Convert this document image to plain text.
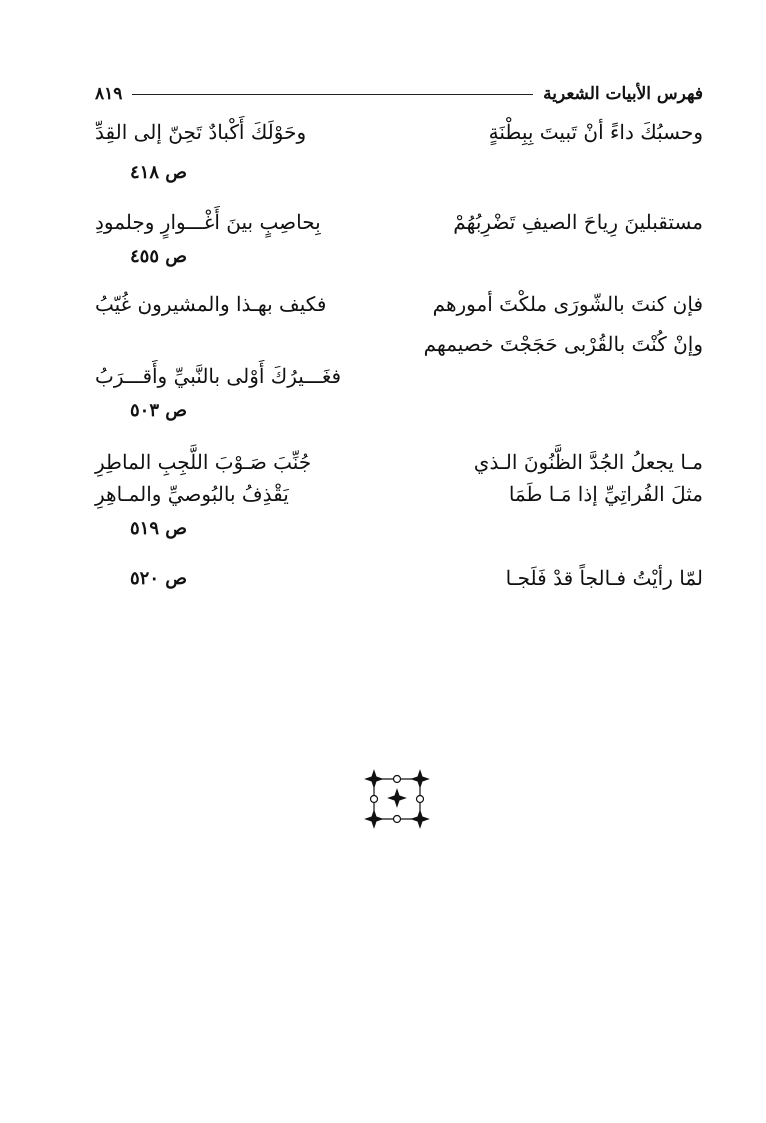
فهرس الأبيات الشعرية
٨١٩
وحسبُكَ داءً أنْ تَبيتَ بِبِطْنَةٍ
وحَوْلَكَ أَكْبادٌ تَحِنّ إلى القِدِّ
ص ٤١٨
مستقبلينَ رِياحَ الصيفِ تَضْرِبُهُمْ
بِحاصِبٍ بينَ أَغْـــوارٍ وجلمودِ
ص ٤٥٥
فإن كنتَ بالشّورَى ملكْتَ أمورهم
فكيف بهـذا والمشيرون غُيّبُ
وإنْ كُنْتَ بالقُرْبى حَجَجْتَ خصيمهم
فغَـــيرُكَ أَوْلى بالنَّبيِّ وأَقـــرَبُ
ص ٥٠٣
مـا يجعلُ الجُدَّ الظَّنُونَ الـذي
جُنِّبَ صَـوْبَ اللَّجِبِ الماطِرِ
مثلَ الفُراتِيِّ إذا مَـا طَمَا
يَقْذِفُ بالبُوصيِّ والمـاهِرِ
ص ٥١٩
لمّا رأيْتُ فـالجاً قدْ فَلَجـا
ص ٥٢٠
